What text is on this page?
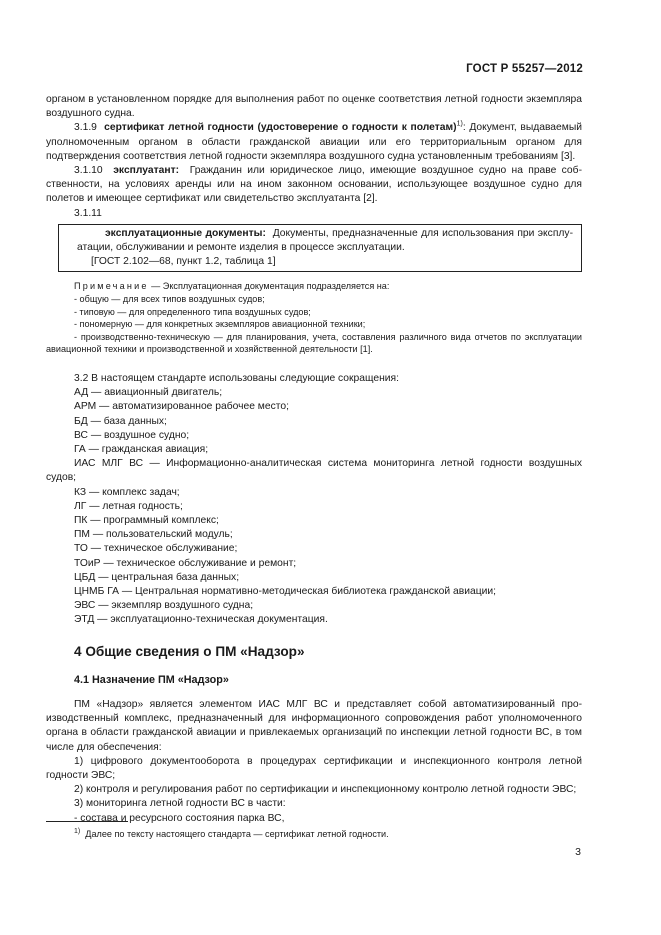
ГОСТ Р 55257—2012

органом в установленном порядке для выполнения работ по оценке соответствия летной годности экземпляра воздушного судна.

3.1.9 сертификат летной годности (удостоверение о годности к полетам)$^{1)}$: Документ, выдаваемый уполномоченным органом в области гражданской авиации или его территориальным органом для подтверждения соответствия летной годности экземпляра воздушного судна установленным требованиям [3].

3.1.10 эксплуатант: Гражданин или юридическое лицо, имеющие воздушное судно на праве собственности, на условиях аренды или на ином законном основании, использующее воздушное судно для полетов и имеющее сертификат или свидетельство эксплуатанта [2].

3.1.11

эксплуатационные документы: Документы, предназначенные для использования при эксплуатации, обслуживании и ремонте изделия в процессе эксплуатации.

[ГОСТ 2.102—68, пункт 1.2, таблица 1]

Примечание — Эксплуатационная документация подразделяется на:

- общую — для всех типов воздушных судов;

- типовую — для определенного типа воздушных судов;

- пономерную — для конкретных экземпляров авиационной техники;

- производственно-техническую — для планирования, учета, составления различного вида отчетов по эксплуатации авиационной техники и производственной и хозяйственной деятельности [1].

3.2 В настоящем стандарте использованы следующие сокращения:

АД — авиационный двигатель;

АРМ — автоматизированное рабочее место;

БД — база данных;

ВС — воздушное судно;

ГА — гражданская авиация;

ИАС МЛГ ВС — Информационно-аналитическая система мониторинга летной годности воздушных судов;

КЗ — комплекс задач;

ЛГ — летная годность;

ПК — программный комплекс;

ПМ — пользовательский модуль;

ТО — техническое обслуживание;

ТОиР — техническое обслуживание и ремонт;

ЦБД — центральная база данных;

ЦНМБ ГА — Центральная нормативно-методическая библиотека гражданской авиации;

ЭВС — экземпляр воздушного судна;

ЭТД — эксплуатационно-техническая документация.

4 Общие сведения о ПМ «Надзор»
4.1 Назначение ПМ «Надзор»

ПМ «Надзор» является элементом ИАС МЛГ ВС и представляет собой автоматизированный производственный комплекс, предназначенный для информационного сопровождения работ уполномоченного органа в области гражданской авиации и привлекаемых организаций по инспекции летной годности ВС, в том числе для обеспечения:

1) цифрового документооборота в процедурах сертификации и инспекционного контроля летной годности ЭВС;

2) контроля и регулирования работ по сертификации и инспекционному контролю летной годности ЭВС;

3) мониторинга летной годности ВС в части:

- состава и ресурсного состояния парка ВС,

$^{1)}$ Далее по тексту настоящего стандарта — сертификат летной годности.
3
